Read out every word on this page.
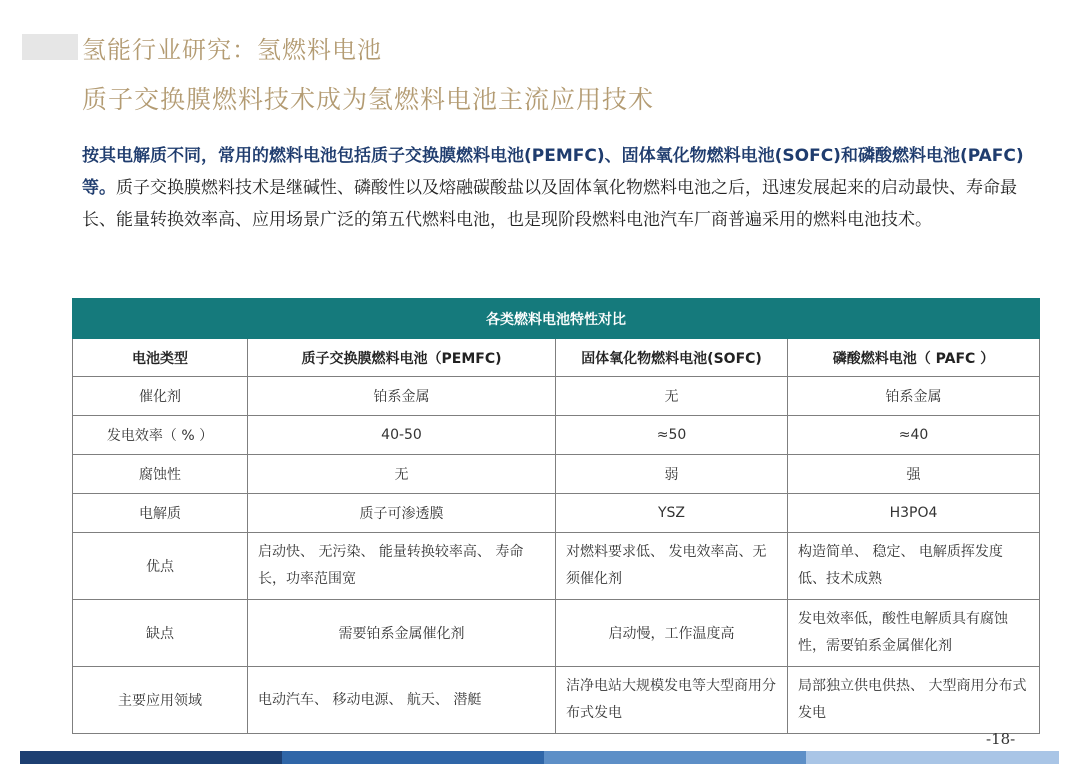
氢能行业研究：氢燃料电池
质子交换膜燃料技术成为氢燃料电池主流应用技术

按其电解质不同，常用的燃料电池包括质子交换膜燃料电池(PEMFC)、固体氧化物燃料电池(SOFC)和磷酸燃料电池(PAFC)等。质子交换膜燃料技术是继碱性、磷酸性以及熔融碳酸盐以及固体氧化物燃料电池之后，迅速发展起来的启动最快、寿命最长、能量转换效率高、应用场景广泛的第五代燃料电池，也是现阶段燃料电池汽车厂商普遍采用的燃料电池技术。

各类燃料电池特性对比			
电池类型	质子交换膜燃料电池（PEMFC)	固体氧化物燃料电池(SOFC)	磷酸燃料电池（ PAFC ）
催化剂	铂系金属	无	铂系金属
发电效率（ % ）	40-50	≈50	≈40
腐蚀性	无	弱	强
电解质	质子可渗透膜	YSZ	H3PO4
优点	启动快、 无污染、 能量转换较率高、 寿命长，功率范围宽	对燃料要求低、 发电效率高、无须催化剂	构造简单、 稳定、 电解质挥发度低、技术成熟
缺点	需要铂系金属催化剂	启动慢，工作温度高	发电效率低，酸性电解质具有腐蚀性，需要铂系金属催化剂
主要应用领域	电动汽车、 移动电源、 航天、 潜艇	洁净电站大规模发电等大型商用分布式发电	局部独立供电供热、 大型商用分布式发电
-18-
